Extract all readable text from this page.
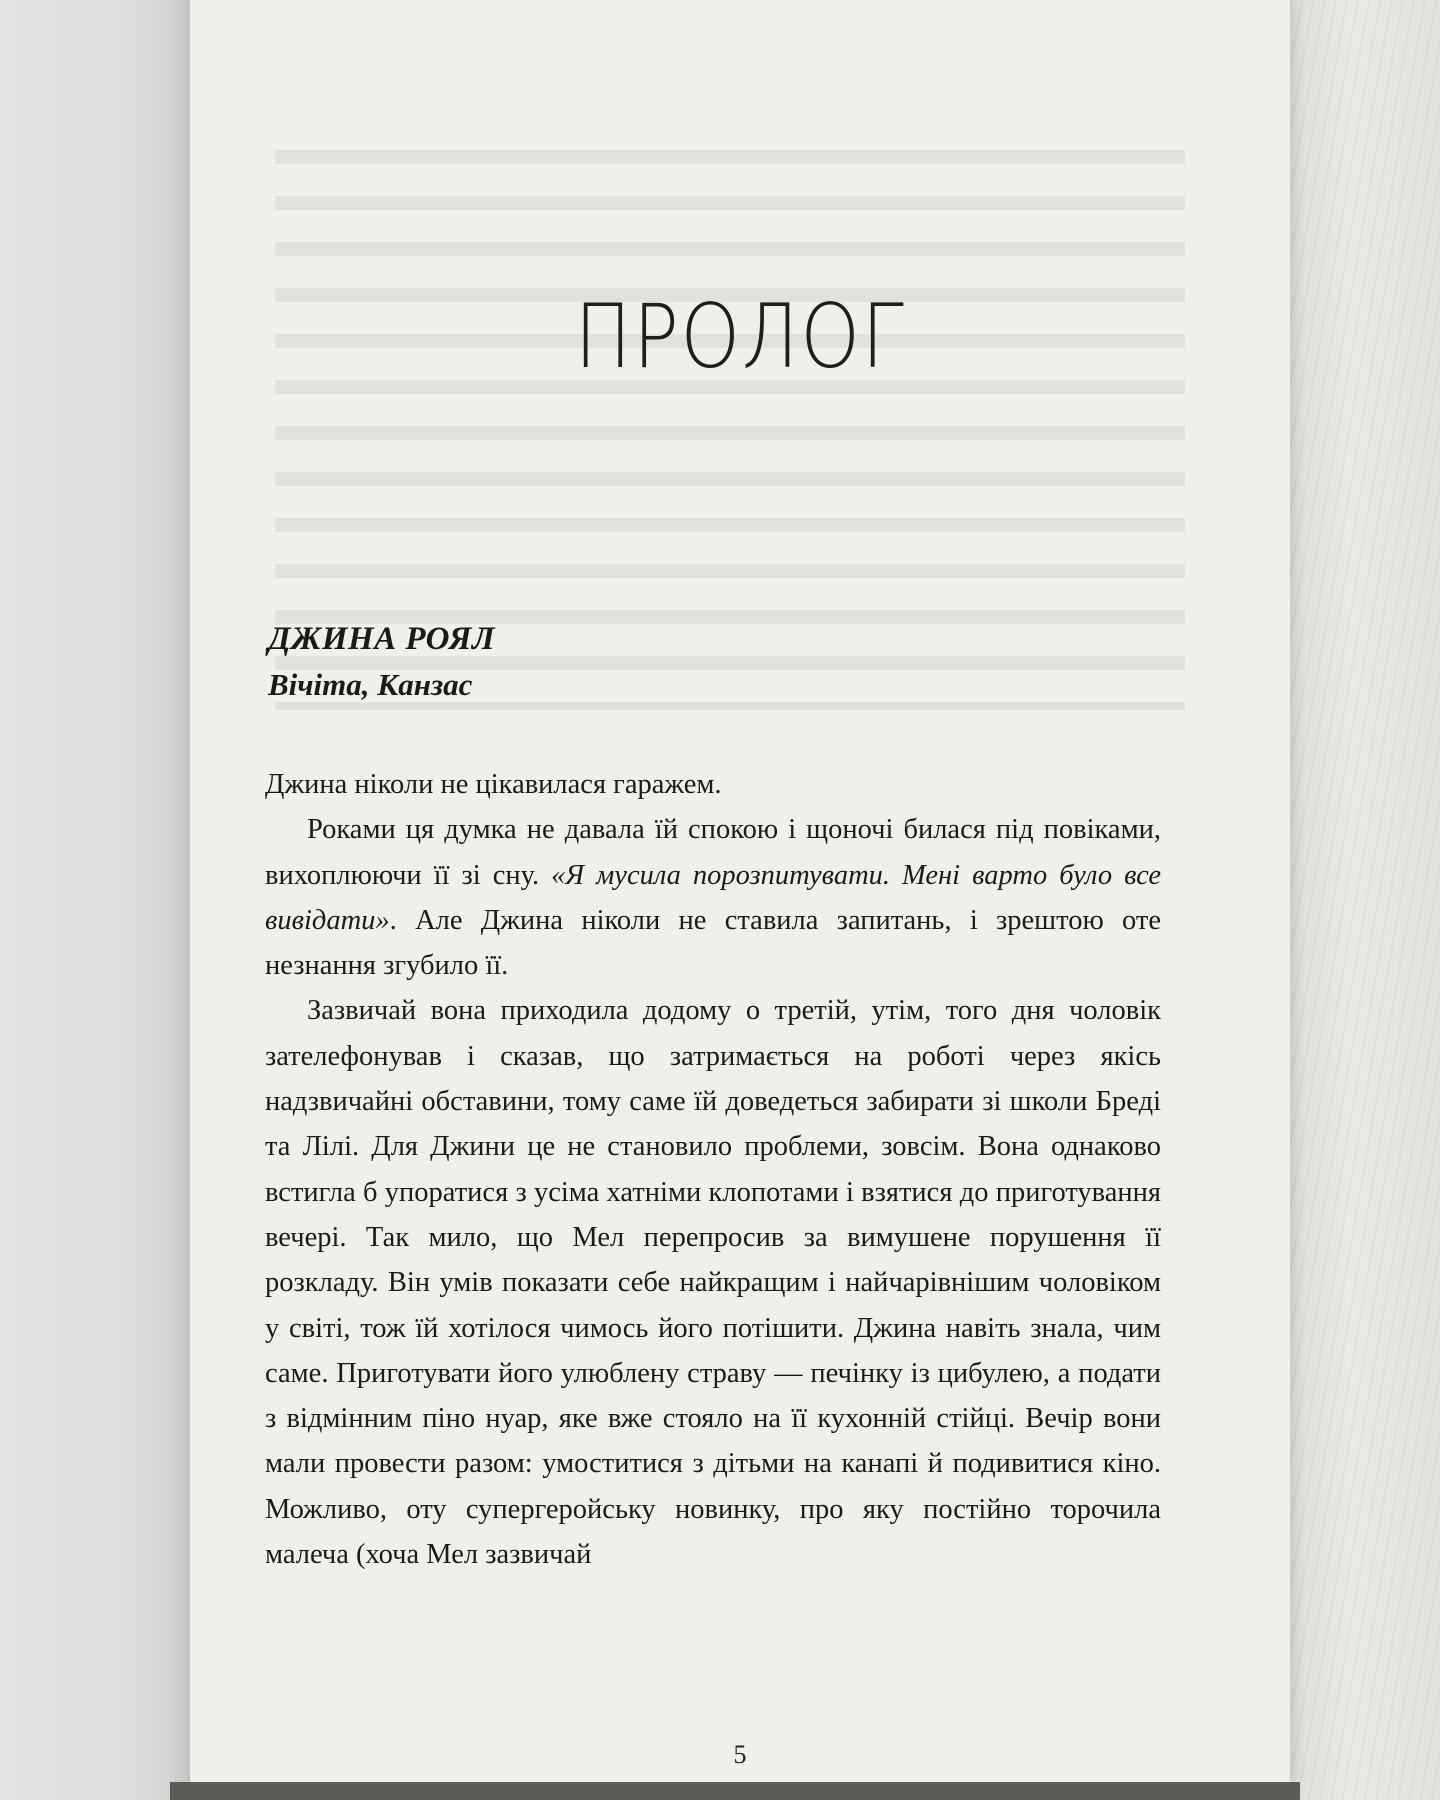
ПРОЛОГ
ДЖИНА РОЯЛ
Вічіта, Канзас

Джина ніколи не цікавилася гаражем.

Роками ця думка не давала їй спокою і щоночі билася під повіками, вихоплюючи її зі сну. «Я мусила порозпитувати. Мені варто було все вивідати». Але Джина ніколи не ставила запитань, і зрештою оте незнання згубило її.

Зазвичай вона приходила додому о третій, утім, того дня чоловік зателефонував і сказав, що затримається на роботі через якісь надзвичайні обставини, тому саме їй доведеться забирати зі школи Бреді та Лілі. Для Джини це не становило проблеми, зовсім. Вона однаково встигла б упоратися з усіма хатніми клопотами і взятися до приготування вечері. Так мило, що Мел перепросив за вимушене порушення її розкладу. Він умів показати себе найкращим і найчарівнішим чоловіком у світі, тож їй хотілося чимось його потішити. Джина навіть знала, чим саме. Приготувати його улюблену страву — печінку із цибулею, а подати з відмінним піно нуар, яке вже стояло на її кухонній стійці. Вечір вони мали провести разом: умоститися з дітьми на канапі й подивитися кіно. Можливо, оту супергеройську новинку, про яку постійно торочила малеча (хоча Мел зазвичай

5
